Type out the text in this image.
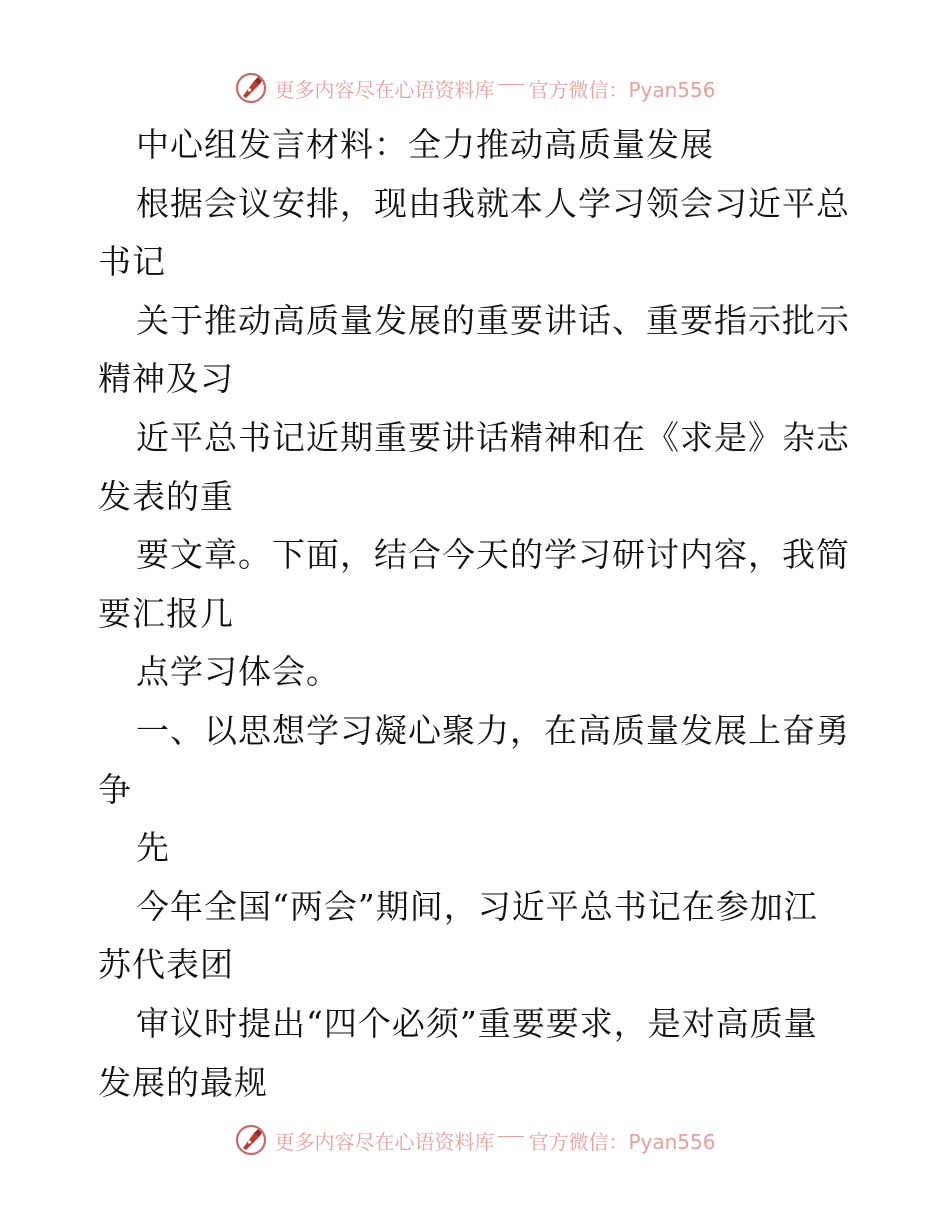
更多内容尽在心语资料库 官方微信：Pyan556
中心组发言材料：全力推动高质量发展
根据会议安排，现由我就本人学习领会习近平总
书记
关于推动高质量发展的重要讲话、重要指示批示
精神及习
近平总书记近期重要讲话精神和在《求是》杂志
发表的重
要文章。下面，结合今天的学习研讨内容，我简
要汇报几
点学习体会。
一、以思想学习凝心聚力，在高质量发展上奋勇
争
先
今年全国“两会”期间，习近平总书记在参加江
苏代表团
审议时提出“四个必须”重要要求，是对高质量
发展的最规
更多内容尽在心语资料库 官方微信：Pyan556
